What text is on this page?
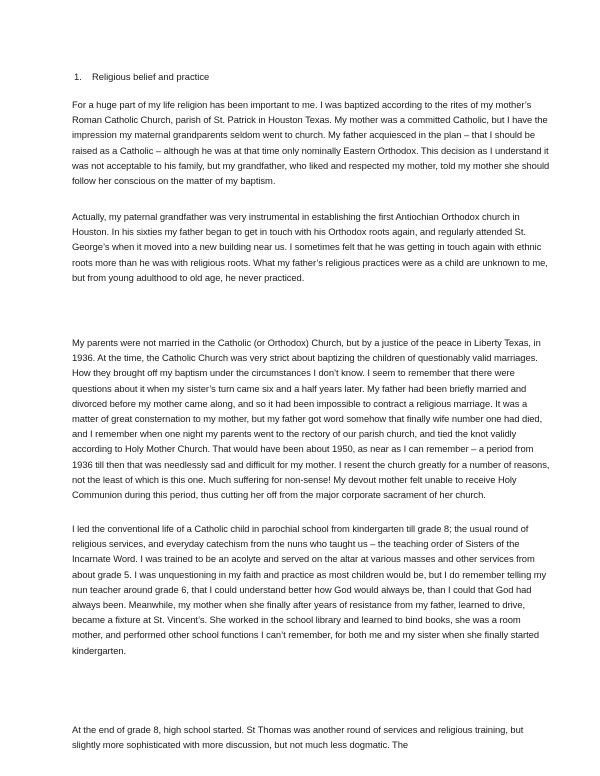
1. Religious belief and practice

For a huge part of my life religion has been important to me. I was baptized according to the rites of my mother’s Roman Catholic Church, parish of St. Patrick in Houston Texas. My mother was a committed Catholic, but I have the impression my maternal grandparents seldom went to church. My father acquiesced in the plan – that I should be raised as a Catholic – although he was at that time only nominally Eastern Orthodox. This decision as I understand it was not acceptable to his family, but my grandfather, who liked and respected my mother, told my mother she should follow her conscious on the matter of my baptism.

Actually, my paternal grandfather was very instrumental in establishing the first Antiochian Orthodox church in Houston. In his sixties my father began to get in touch with his Orthodox roots again, and regularly attended St. George’s when it moved into a new building near us. I sometimes felt that he was getting in touch again with ethnic roots more than he was with religious roots. What my father’s religious practices were as a child are unknown to me, but from young adulthood to old age, he never practiced.

My parents were not married in the Catholic (or Orthodox) Church, but by a justice of the peace in Liberty Texas, in 1936. At the time, the Catholic Church was very strict about baptizing the children of questionably valid marriages. How they brought off my baptism under the circumstances I don’t know. I seem to remember that there were questions about it when my sister’s turn came six and a half years later. My father had been briefly married and divorced before my mother came along, and so it had been impossible to contract a religious marriage. It was a matter of great consternation to my mother, but my father got word somehow that finally wife number one had died, and I remember when one night my parents went to the rectory of our parish church, and tied the knot validly according to Holy Mother Church. That would have been about 1950, as near as I can remember – a period from 1936 till then that was needlessly sad and difficult for my mother. I resent the church greatly for a number of reasons, not the least of which is this one. Much suffering for non-sense! My devout mother felt unable to receive Holy Communion during this period, thus cutting her off from the major corporate sacrament of her church.

I led the conventional life of a Catholic child in parochial school from kindergarten till grade 8; the usual round of religious services, and everyday catechism from the nuns who taught us – the teaching order of Sisters of the Incarnate Word. I was trained to be an acolyte and served on the altar at various masses and other services from about grade 5. I was unquestioning in my faith and practice as most children would be, but I do remember telling my nun teacher around grade 6, that I could understand better how God would always be, than I could that God had always been. Meanwhile, my mother when she finally after years of resistance from my father, learned to drive, became a fixture at St. Vincent’s. She worked in the school library and learned to bind books, she was a room mother, and performed other school functions I can’t remember, for both me and my sister when she finally started kindergarten.

At the end of grade 8, high school started. St Thomas was another round of services and religious training, but slightly more sophisticated with more discussion, but not much less dogmatic. The
